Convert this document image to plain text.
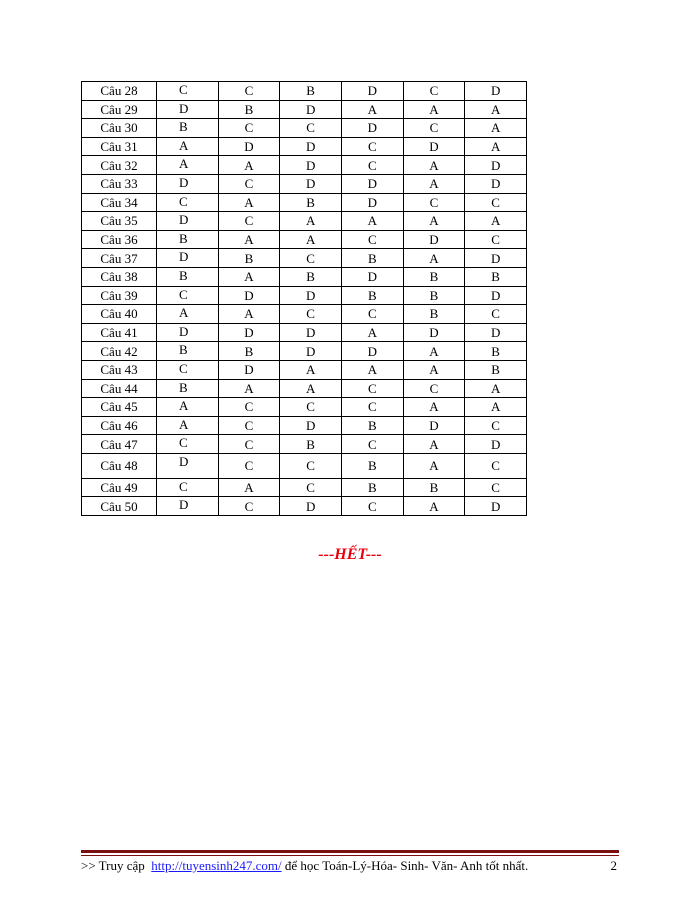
Câu 28	C	C	B	D	C	D
Câu 29	D	B	D	A	A	A
Câu 30	B	C	C	D	C	A
Câu 31	A	D	D	C	D	A
Câu 32	A	A	D	C	A	D
Câu 33	D	C	D	D	A	D
Câu 34	C	A	B	D	C	C
Câu 35	D	C	A	A	A	A
Câu 36	B	A	A	C	D	C
Câu 37	D	B	C	B	A	D
Câu 38	B	A	B	D	B	B
Câu 39	C	D	D	B	B	D
Câu 40	A	A	C	C	B	C
Câu 41	D	D	D	A	D	D
Câu 42	B	B	D	D	A	B
Câu 43	C	D	A	A	A	B
Câu 44	B	A	A	C	C	A
Câu 45	A	C	C	C	A	A
Câu 46	A	C	D	B	D	C
Câu 47	C	C	B	C	A	D
Câu 48	D	C	C	B	A	C
Câu 49	C	A	C	B	B	C
Câu 50	D	C	D	C	A	D
---HẾT---
>> Truy cập http://tuyensinh247.com/ để học Toán-Lý-Hóa- Sinh- Văn- Anh tốt nhất.	2
